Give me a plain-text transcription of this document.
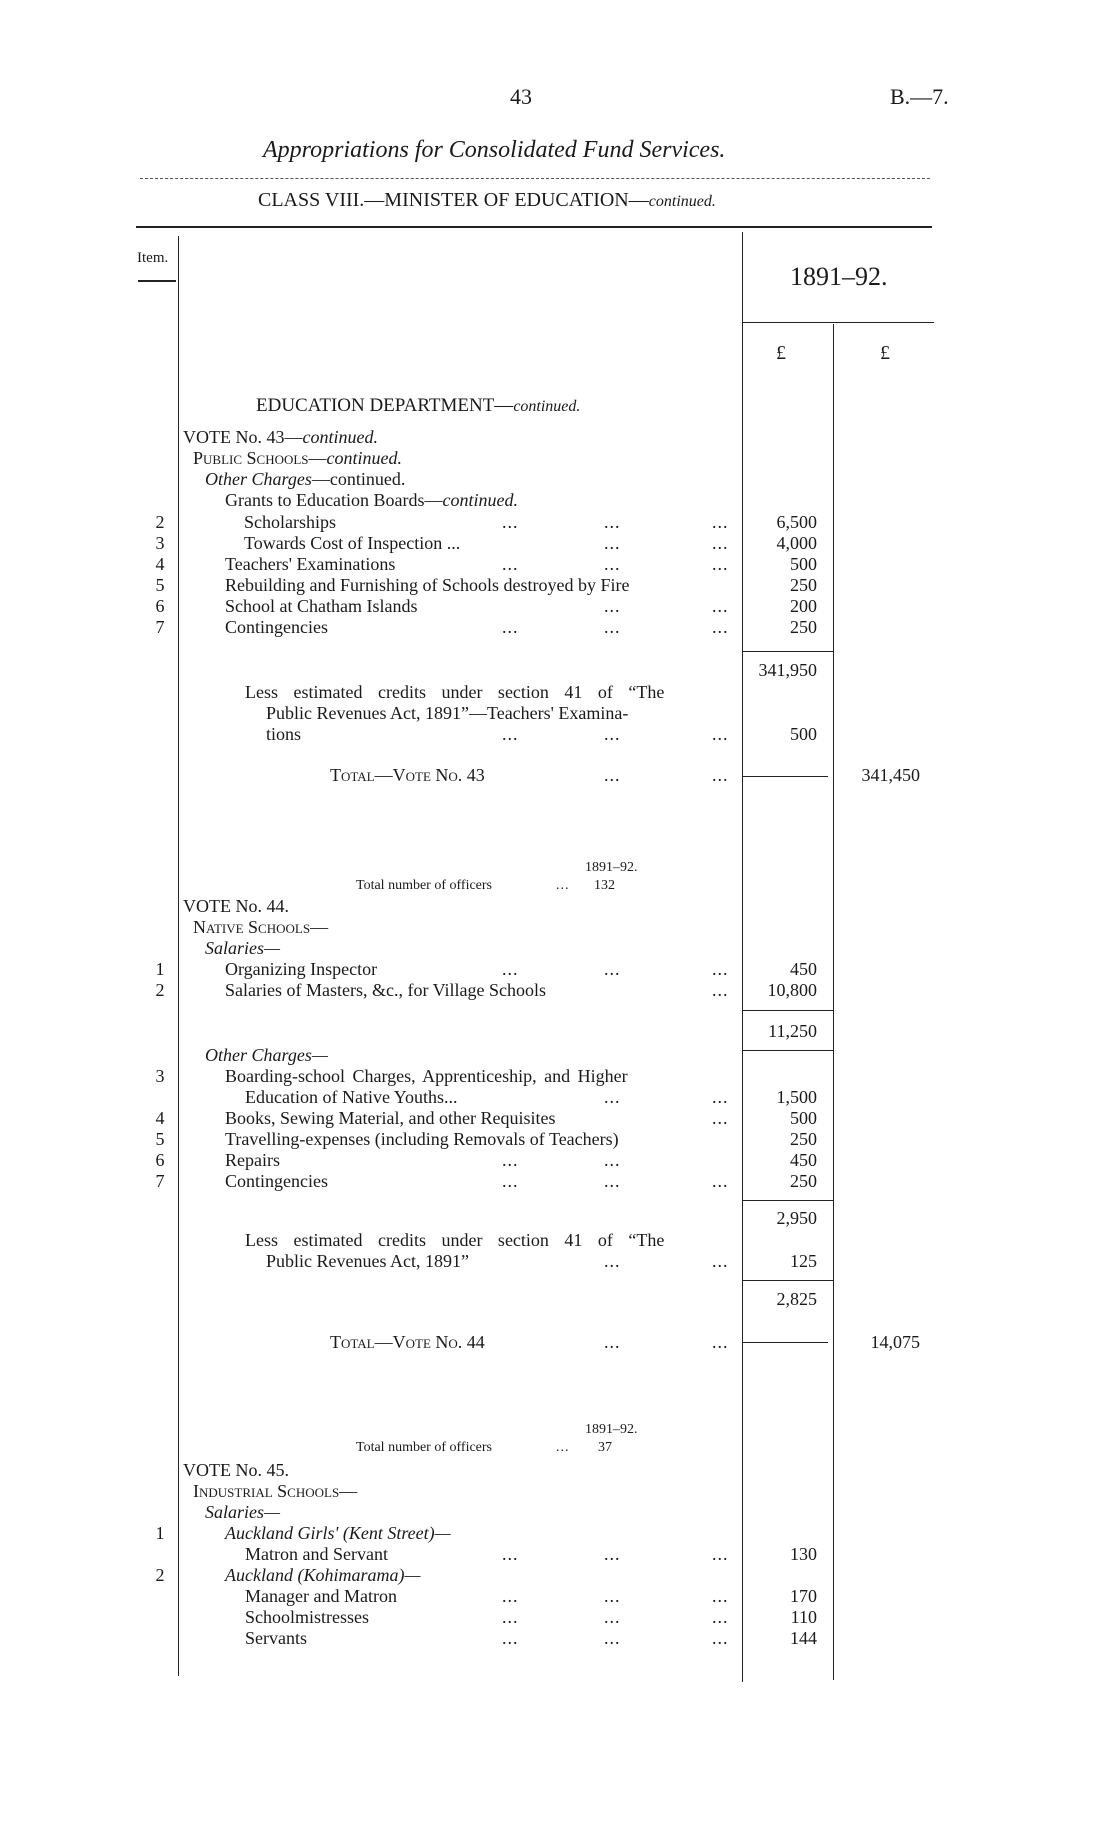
43	B.—7.
Appropriations for Consolidated Fund Services.
CLASS VIII.—MINISTER OF EDUCATION—continued.
Item.
1891–92.
£	£
EDUCATION DEPARTMENT—continued.
VOTE No. 43—continued.
Public Schools—continued.
Other Charges—continued.
Grants to Education Boards—continued.
2	Scholarships	...	...	...	6,500
3	Towards Cost of Inspection ...	...	...	4,000
4	Teachers' Examinations	...	...	...	500
5	Rebuilding and Furnishing of Schools destroyed by Fire	250
6	School at Chatham Islands	...	...	200
7	Contingencies	...	...	...	250
341,950
Less estimated credits under section 41 of “The
Public Revenues Act, 1891”—Teachers' Examina-
tions	...	...	...	500
Total—Vote No. 43	...	...	341,450
1891–92.
Total number of officers	... 132
VOTE No. 44.
Native Schools—
Salaries—
1	Organizing Inspector	...	...	...	450
2	Salaries of Masters, &c., for Village Schools	...	10,800
11,250
Other Charges—
3	Boarding-school Charges, Apprenticeship, and Higher
Education of Native Youths...	...	...	1,500
4	Books, Sewing Material, and other Requisites	...	500
5	Travelling-expenses (including Removals of Teachers)	250
6	Repairs	...	...	450
7	Contingencies	...	...	...	250
2,950
Less estimated credits under section 41 of “The
Public Revenues Act, 1891”	...	...	125
2,825
Total—Vote No. 44	...	...	14,075
1891–92.
Total number of officers	... 37
VOTE No. 45.
Industrial Schools—
Salaries—
1	Auckland Girls' (Kent Street)—
Matron and Servant	...	...	...	130
2	Auckland (Kohimarama)—
Manager and Matron	...	...	...	170
Schoolmistresses	...	...	...	110
Servants	...	...	...	144
